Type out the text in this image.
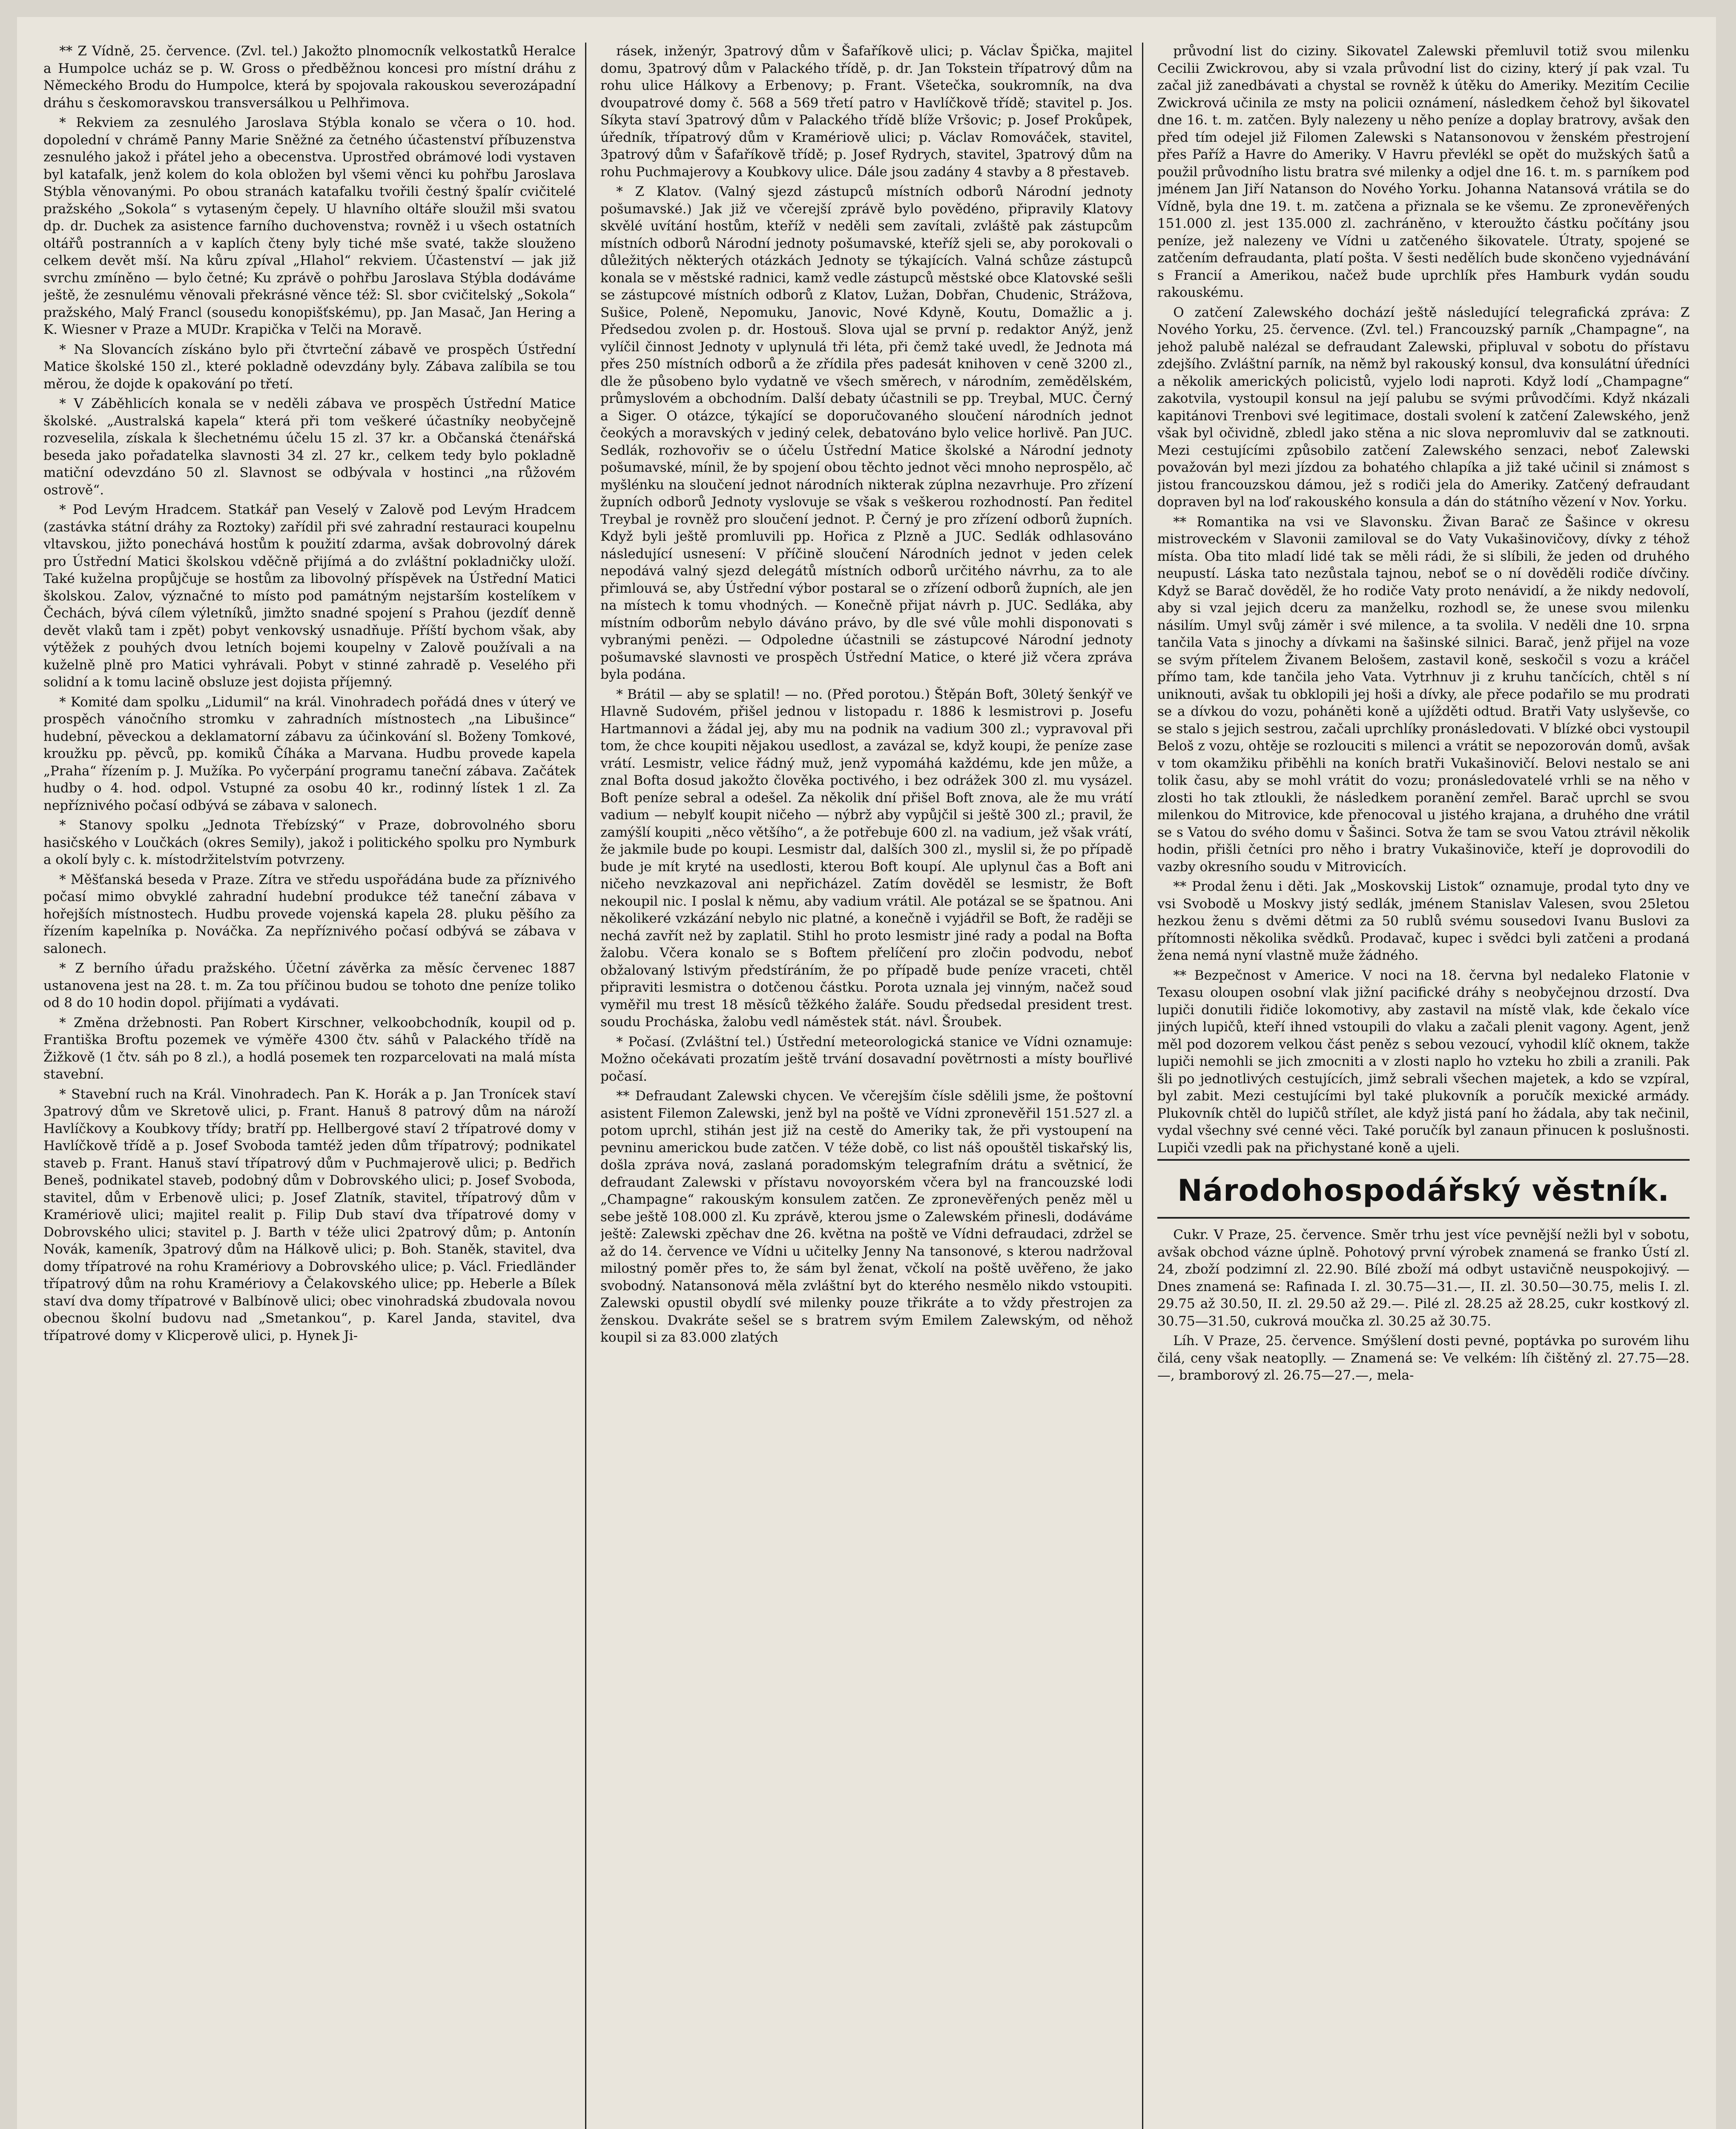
** Z Vídně, 25. července. (Zvl. tel.) Jakožto plnomocník velkostatků Heralce a Humpolce ucház se p. W. Gross o předběžnou koncesi pro místní dráhu z Německého Brodu do Humpolce, která by spojovala rakouskou severozápadní dráhu s českomoravskou transversálkou u Pelhřimova.

* Rekviem za zesnulého Jaroslava Stýbla konalo se včera o 10. hod. dopolední v chrámě Panny Marie Sněžné za četného účastenství příbuzenstva zesnulého jakož i přátel jeho a obecenstva. Uprostřed obrámové lodi vystaven byl katafalk, jenž kolem do kola obložen byl všemi věnci ku pohřbu Jaroslava Stýbla věnovanými. Po obou stranách katafalku tvořili čestný špalír cvičitelé pražského „Sokola“ s vytaseným čepely. U hlavního oltáře sloužil mši svatou dp. dr. Duchek za asistence farního duchovenstva; rovněž i u všech ostatních oltářů postranních a v kaplích čteny byly tiché mše svaté, takže slouženo celkem devět mší. Na kůru zpíval „Hlahol“ rekviem. Účastenství — jak již svrchu zmíněno — bylo četné; Ku zprávě o pohřbu Jaroslava Stýbla dodáváme ještě, že zesnulému věnovali překrásné věnce též: Sl. sbor cvičitelský „Sokola“ pražského, Malý Francl (sousedu konopišťskému), pp. Jan Masač, Jan Hering a K. Wiesner v Praze a MUDr. Krapička v Telči na Moravě.

* Na Slovancích získáno bylo při čtvrteční zábavě ve prospěch Ústřední Matice školské 150 zl., které pokladně odevzdány byly. Zábava zalíbila se tou měrou, že dojde k opakování po třetí.

* V Záběhlicích konala se v neděli zábava ve prospěch Ústřední Matice školské. „Australská kapela“ která při tom veškeré účastníky neobyčejně rozveselila, získala k šlechetnému účelu 15 zl. 37 kr. a Občanská čtenářská beseda jako pořadatelka slavnosti 34 zl. 27 kr., celkem tedy bylo pokladně matiční odevzdáno 50 zl. Slavnost se odbývala v hostinci „na růžovém ostrově“.

* Pod Levým Hradcem. Statkář pan Veselý v Zalově pod Levým Hradcem (zastávka státní dráhy za Roztoky) zařídil při své zahradní restauraci koupelnu vltavskou, jižto ponechává hostům k použití zdarma, avšak dobrovolný dárek pro Ústřední Matici školskou vděčně přijímá a do zvláštní pokladničky uloží. Také kuželna propůjčuje se hostům za libovolný příspěvek na Ústřední Matici školskou. Zalov, význačné to místo pod památným nejstarším kostelíkem v Čechách, bývá cílem výletníků, jimžto snadné spojení s Prahou (jezdíť denně devět vlaků tam i zpět) pobyt venkovský usnadňuje. Příští bychom však, aby výtěžek z pouhých dvou letních bojemi koupelny v Zalově používali a na kuželně plně pro Matici vyhrávali. Pobyt v stinné zahradě p. Veselého při solidní a k tomu lacině obsluze jest dojista příjemný.

* Komité dam spolku „Lidumil“ na král. Vinohradech pořádá dnes v úterý ve prospěch vánočního stromku v zahradních místnostech „na Libušince“ hudební, pěveckou a deklamatorní zábavu za účinkování sl. Boženy Tomkové, kroužku pp. pěvců, pp. komiků Číháka a Marvana. Hudbu provede kapela „Praha“ řízením p. J. Mužíka. Po vyčerpání programu taneční zábava. Začátek hudby o 4. hod. odpol. Vstupné za osobu 40 kr., rodinný lístek 1 zl. Za nepříznivého počasí odbývá se zábava v salonech.

* Stanovy spolku „Jednota Třebízský“ v Praze, dobrovolného sboru hasičského v Loučkách (okres Semily), jakož i politického spolku pro Nymburk a okolí byly c. k. místodržitelstvím potvrzeny.

* Měšťanská beseda v Praze. Zítra ve středu uspořádána bude za příznivého počasí mimo obvyklé zahradní hudební produkce též taneční zábava v hořejších místnostech. Hudbu provede vojenská kapela 28. pluku pěšího za řízením kapelníka p. Nováčka. Za nepříznivého počasí odbývá se zábava v salonech.

* Z berního úřadu pražského. Účetní závěrka za měsíc červenec 1887 ustanovena jest na 28. t. m. Za tou příčinou budou se tohoto dne peníze toliko od 8 do 10 hodin dopol. přijímati a vydávati.

* Změna držebnosti. Pan Robert Kirschner, velkoobchodník, koupil od p. Františka Broftu pozemek ve výměře 4300 čtv. sáhů v Palackého třídě na Žižkově (1 čtv. sáh po 8 zl.), a hodlá posemek ten rozparcelovati na malá místa stavební.

* Stavební ruch na Král. Vinohradech. Pan K. Horák a p. Jan Tronícek staví 3patrový dům ve Skretově ulici, p. Frant. Hanuš 8 patrový dům na nároží Havlíčkovy a Koubkovy třídy; bratří pp. Hellbergové staví 2 třípatrové domy v Havlíčkově třídě a p. Josef Svoboda tamtéž jeden dům třípatrový; podnikatel staveb p. Frant. Hanuš staví třípatrový dům v Puchmajerově ulici; p. Bedřich Beneš, podnikatel staveb, podobný dům v Dobrovského ulici; p. Josef Svoboda, stavitel, dům v Erbenově ulici; p. Josef Zlatník, stavitel, třípatrový dům v Kramériově ulici; majitel realit p. Filip Dub staví dva třípatrové domy v Dobrovského ulici; stavitel p. J. Barth v téže ulici 2patrový dům; p. Antonín Novák, kameník, 3patrový dům na Hálkově ulici; p. Boh. Staněk, stavitel, dva domy třípatrové na rohu Kramériovy a Dobrovského ulice; p. Václ. Friedländer třípatrový dům na rohu Kramériovy a Čelakovského ulice; pp. Heberle a Bílek staví dva domy třípatrové v Balbínově ulici; obec vinohradská zbudovala novou obecnou školní budovu nad „Smetankou“, p. Karel Janda, stavitel, dva třípatrové domy v Klicperově ulici, p. Hynek Ji-

rásek, inženýr, 3patrový dům v Šafaříkově ulici; p. Václav Špička, majitel domu, 3patrový dům v Palackého třídě, p. dr. Jan Tokstein třípatrový dům na rohu ulice Hálkovy a Erbenovy; p. Frant. Všetečka, soukromník, na dva dvoupatrové domy č. 568 a 569 třetí patro v Havlíčkově třídě; stavitel p. Jos. Síkyta staví 3patrový dům v Palackého třídě blíže Vršovic; p. Josef Prokůpek, úředník, třípatrový dům v Kramériově ulici; p. Václav Romováček, stavitel, 3patrový dům v Šafaříkově třídě; p. Josef Rydrych, stavitel, 3patrový dům na rohu Puchmajerovy a Koubkovy ulice. Dále jsou zadány 4 stavby a 8 přestaveb.

* Z Klatov. (Valný sjezd zástupců místních odborů Národní jednoty pošumavské.) Jak již ve včerejší zprávě bylo povědéno, připravily Klatovy skvělé uvítání hostům, kteříž v neděli sem zavítali, zvláště pak zástupcům místních odborů Národní jednoty pošumavské, kteříž sjeli se, aby porokovali o důležitých některých otázkách Jednoty se týkajících. Valná schůze zástupců konala se v městské radnici, kamž vedle zástupců městské obce Klatovské sešli se zástupcové místních odborů z Klatov, Lužan, Dobřan, Chudenic, Strážova, Sušice, Poleně, Nepomuku, Janovic, Nové Kdyně, Koutu, Domažlic a j. Předsedou zvolen p. dr. Hostouš. Slova ujal se první p. redaktor Anýž, jenž vylíčil činnost Jednoty v uplynulá tři léta, při čemž také uvedl, že Jednota má přes 250 místních odborů a že zřídila přes padesát knihoven v ceně 3200 zl., dle že působeno bylo vydatně ve všech směrech, v národním, zemědělském, průmyslovém a obchodním. Další debaty účastnili se pp. Treybal, MUC. Černý a Siger. O otázce, týkající se doporučovaného sloučení národních jednot čeokých a moravských v jediný celek, debatováno bylo velice horlivě. Pan JUC. Sedlák, rozhovořiv se o účelu Ústřední Matice školské a Národní jednoty pošumavské, mínil, že by spojení obou těchto jednot věci mnoho neprospělo, ač myšlénku na sloučení jednot národních nikterak zúplna nezavrhuje. Pro zřízení župních odborů Jednoty vyslovuje se však s veškerou rozhodností. Pan ředitel Treybal je rovněž pro sloučení jednot. P. Černý je pro zřízení odborů župních. Když byli ještě promluvili pp. Hořica z Plzně a JUC. Sedlák odhlasováno následující usnesení: V příčině sloučení Národních jednot v jeden celek nepodává valný sjezd delegátů místních odborů určitého návrhu, za to ale přimlouvá se, aby Ústřední výbor postaral se o zřízení odborů župních, ale jen na místech k tomu vhodných. — Konečně přijat návrh p. JUC. Sedláka, aby místním odborům nebylo dáváno právo, by dle své vůle mohli disponovati s vybranými penězi. — Odpoledne účastnili se zástupcové Národní jednoty pošumavské slavnosti ve prospěch Ústřední Matice, o které již včera zpráva byla podána.

* Brátil — aby se splatil! — no. (Před porotou.) Štěpán Boft, 30letý šenkýř ve Hlavně Sudovém, přišel jednou v listopadu r. 1886 k lesmistrovi p. Josefu Hartmannovi a žádal jej, aby mu na podnik na vadium 300 zl.; vypravoval při tom, že chce koupiti nějakou usedlost, a zavázal se, když koupi, že peníze zase vrátí. Lesmistr, velice řádný muž, jenž vypomáhá každému, kde jen může, a znal Bofta dosud jakožto člověka poctivého, i bez odrážek 300 zl. mu vysázel. Boft peníze sebral a odešel. Za několik dní přišel Boft znova, ale že mu vrátí vadium — nebylť koupit ničeho — nýbrž aby vypůjčil si ještě 300 zl.; pravil, že zamýšlí koupiti „něco většího“, a že potřebuje 600 zl. na vadium, jež však vrátí, že jakmile bude po koupi. Lesmistr dal, dalších 300 zl., myslil si, že po případě bude je mít kryté na usedlosti, kterou Boft koupí. Ale uplynul čas a Boft ani ničeho nevzkazoval ani nepřicházel. Zatím dověděl se lesmistr, že Boft nekoupil nic. I poslal k němu, aby vadium vrátil. Ale potázal se se špatnou. Ani několikeré vzkázání nebylo nic platné, a konečně i vyjádřil se Boft, že raději se nechá zavřít než by zaplatil. Stihl ho proto lesmistr jiné rady a podal na Bofta žalobu. Včera konalo se s Boftem přelíčení pro zločin podvodu, neboť obžalovaný lstivým předstíráním, že po případě bude peníze vraceti, chtěl připraviti lesmistra o dotčenou částku. Porota uznala jej vinným, načež soud vyměřil mu trest 18 měsíců těžkého žaláře. Soudu předsedal president trest. soudu Procháska, žalobu vedl náměstek stát. návl. Šroubek.

* Počasí. (Zvláštní tel.) Ústřední meteorologická stanice ve Vídni oznamuje: Možno očekávati prozatím ještě trvání dosavadní povětrnosti a místy bouřlivé počasí.

** Defraudant Zalewski chycen. Ve včerejším čísle sdělili jsme, že poštovní asistent Filemon Zalewski, jenž byl na poště ve Vídni zpronevěřil 151.527 zl. a potom uprchl, stihán jest již na cestě do Ameriky tak, že při vystoupení na pevninu americkou bude zatčen. V téže době, co list náš opouštěl tiskařský lis, došla zpráva nová, zaslaná poradomským telegrafním drátu a světnicí, že defraudant Zalewski v přístavu novoyorském včera byl na francouzské lodi „Champagne“ rakouským konsulem zatčen. Ze zpronevěřených peněz měl u sebe ještě 108.000 zl. Ku zprávě, kterou jsme o Zalewském přinesli, dodáváme ještě: Zalewski zpěchav dne 26. května na poště ve Vídni defraudaci, zdržel se až do 14. července ve Vídni u učitelky Jenny Na tansonové, s kterou nadržoval milostný poměr přes to, že sám byl ženat, včkolí na poště uvěřeno, že jako svobodný. Natansonová měla zvláštní byt do kterého nesmělo nikdo vstoupiti. Zalewski opustil obydlí své milenky pouze třikráte a to vždy přestrojen za ženskou. Dvakráte sešel se s bratrem svým Emilem Zalewským, od něhož koupil si za 83.000 zlatých

průvodní list do ciziny. Sikovatel Zalewski přemluvil totiž svou milenku Cecilii Zwickrovou, aby si vzala průvodní list do ciziny, který jí pak vzal. Tu začal již zanedbávati a chystal se rovněž k útěku do Ameriky. Mezitím Cecilie Zwickrová učinila ze msty na policii oznámení, následkem čehož byl šikovatel dne 16. t. m. zatčen. Byly nalezeny u něho peníze a doplay bratrovy, avšak den před tím odejel již Filomen Zalewski s Natansonovou v ženském přestrojení přes Paříž a Havre do Ameriky. V Havru převlékl se opět do mužských šatů a použil průvodního listu bratra své milenky a odjel dne 16. t. m. s parníkem pod jménem Jan Jiří Natanson do Nového Yorku. Johanna Natansová vrátila se do Vídně, byla dne 19. t. m. zatčena a přiznala se ke všemu. Ze zpronevěřených 151.000 zl. jest 135.000 zl. zachráněno, v kteroužto částku počítány jsou peníze, jež nalezeny ve Vídni u zatčeného šikovatele. Útraty, spojené se zatčením defraudanta, platí pošta. V šesti nedělích bude skončeno vyjednávání s Francií a Amerikou, načež bude uprchlík přes Hamburk vydán soudu rakouskému.

O zatčení Zalewského dochází ještě následující telegrafická zpráva: Z Nového Yorku, 25. července. (Zvl. tel.) Francouzský parník „Champagne“, na jehož palubě nalézal se defraudant Zalewski, připluval v sobotu do přístavu zdejšího. Zvláštní parník, na němž byl rakouský konsul, dva konsulátní úředníci a několik amerických policistů, vyjelo lodi naproti. Když lodí „Champagne“ zakotvila, vystoupil konsul na její palubu se svými průvodčími. Když nkázali kapitánovi Trenbovi své legitimace, dostali svolení k zatčení Zalewského, jenž však byl očividně, zbledl jako stěna a nic slova nepromluviv dal se zatknouti. Mezi cestujícími způsobilo zatčení Zalewského senzaci, neboť Zalewski považován byl mezi jízdou za bohatého chlapíka a již také učinil si známost s jistou francouzskou dámou, jež s rodiči jela do Ameriky. Zatčený defraudant dopraven byl na loď rakouského konsula a dán do státního vězení v Nov. Yorku.

** Romantika na vsi ve Slavonsku. Živan Barač ze Šašince v okresu mistroveckém v Slavonii zamiloval se do Vaty Vukašinovičovy, dívky z téhož místa. Oba tito mladí lidé tak se měli rádi, že si slíbili, že jeden od druhého neupustí. Láska tato nezůstala tajnou, neboť se o ní dověděli rodiče dívčiny. Když se Barač dověděl, že ho rodiče Vaty proto nenávidí, a že nikdy nedovolí, aby si vzal jejich dceru za manželku, rozhodl se, že unese svou milenku násilím. Umyl svůj záměr i své milence, a ta svolila. V neděli dne 10. srpna tančila Vata s jinochy a dívkami na šašinské silnici. Barač, jenž přijel na voze se svým přítelem Živanem Belošem, zastavil koně, seskočil s vozu a kráčel přímo tam, kde tančila jeho Vata. Vytrhnuv ji z kruhu tančících, chtěl s ní uniknouti, avšak tu obklopili jej hoši a dívky, ale přece podařilo se mu prodrati se a dívkou do vozu, poháněti koně a ujížděti odtud. Bratři Vaty uslyševše, co se stalo s jejich sestrou, začali uprchlíky pronásledovati. V blízké obci vystoupil Beloš z vozu, ohtěje se rozlouciti s milenci a vrátit se nepozorován domů, avšak v tom okamžiku přiběhli na koních bratři Vukašinovičí. Belovi nestalo se ani tolik času, aby se mohl vrátit do vozu; pronásledovatelé vrhli se na něho v zlosti ho tak ztloukli, že následkem poranění zemřel. Barač uprchl se svou milenkou do Mitrovice, kde přenocoval u jistého krajana, a druhého dne vrátil se s Vatou do svého domu v Šašinci. Sotva že tam se svou Vatou ztrávil několik hodin, přišli četníci pro něho i bratry Vukašinoviče, kteří je doprovodili do vazby okresního soudu v Mitrovicích.

** Prodal ženu i děti. Jak „Moskovskij Listok“ oznamuje, prodal tyto dny ve vsi Svobodě u Moskvy jistý sedlák, jménem Stanislav Valesen, svou 25letou hezkou ženu s dvěmi dětmi za 50 rublů svému sousedovi Ivanu Buslovi za přítomnosti několika svědků. Prodavač, kupec i svědci byli zatčeni a prodaná žena nemá nyní vlastně muže žádného.

** Bezpečnost v Americe. V noci na 18. června byl nedaleko Flatonie v Texasu oloupen osobní vlak jižní pacifické dráhy s neobyčejnou drzostí. Dva lupiči donutili řidiče lokomotivy, aby zastavil na místě vlak, kde čekalo více jiných lupičů, kteří ihned vstoupili do vlaku a začali plenit vagony. Agent, jenž měl pod dozorem velkou část peněz s sebou vezoucí, vyhodil klíč oknem, takže lupiči nemohli se jich zmocniti a v zlosti naplo ho vzteku ho zbili a zranili. Pak šli po jednotlivých cestujících, jimž sebrali všechen majetek, a kdo se vzpíral, byl zabit. Mezi cestujícími byl také plukovník a poručík mexické armády. Plukovník chtěl do lupičů střílet, ale když jistá paní ho žádala, aby tak nečinil, vydal všechny své cenné věci. Také poručík byl zanaun přinucen k poslušnosti. Lupiči vzedli pak na přichystané koně a ujeli.

Národohospodářský věstník.

Cukr. V Praze, 25. července. Směr trhu jest více pevnější nežli byl v sobotu, avšak obchod vázne úplně. Pohotový první výrobek znamená se franko Ústí zl. 24, zboží podzimní zl. 22.90. Bílé zboží má odbyt ustavičně neuspokojivý. — Dnes znamená se: Rafinada I. zl. 30.75—31.—, II. zl. 30.50—30.75, melis I. zl. 29.75 až 30.50, II. zl. 29.50 až 29.—. Pilé zl. 28.25 až 28.25, cukr kostkový zl. 30.75—31.50, cukrová moučka zl. 30.25 až 30.75.

Líh. V Praze, 25. července. Smýšlení dosti pevné, poptávka po surovém lihu čilá, ceny však neatoplly. — Znamená se: Ve velkém: líh čištěný zl. 27.75—28.—, bramborový zl. 26.75—27.—, mela-
